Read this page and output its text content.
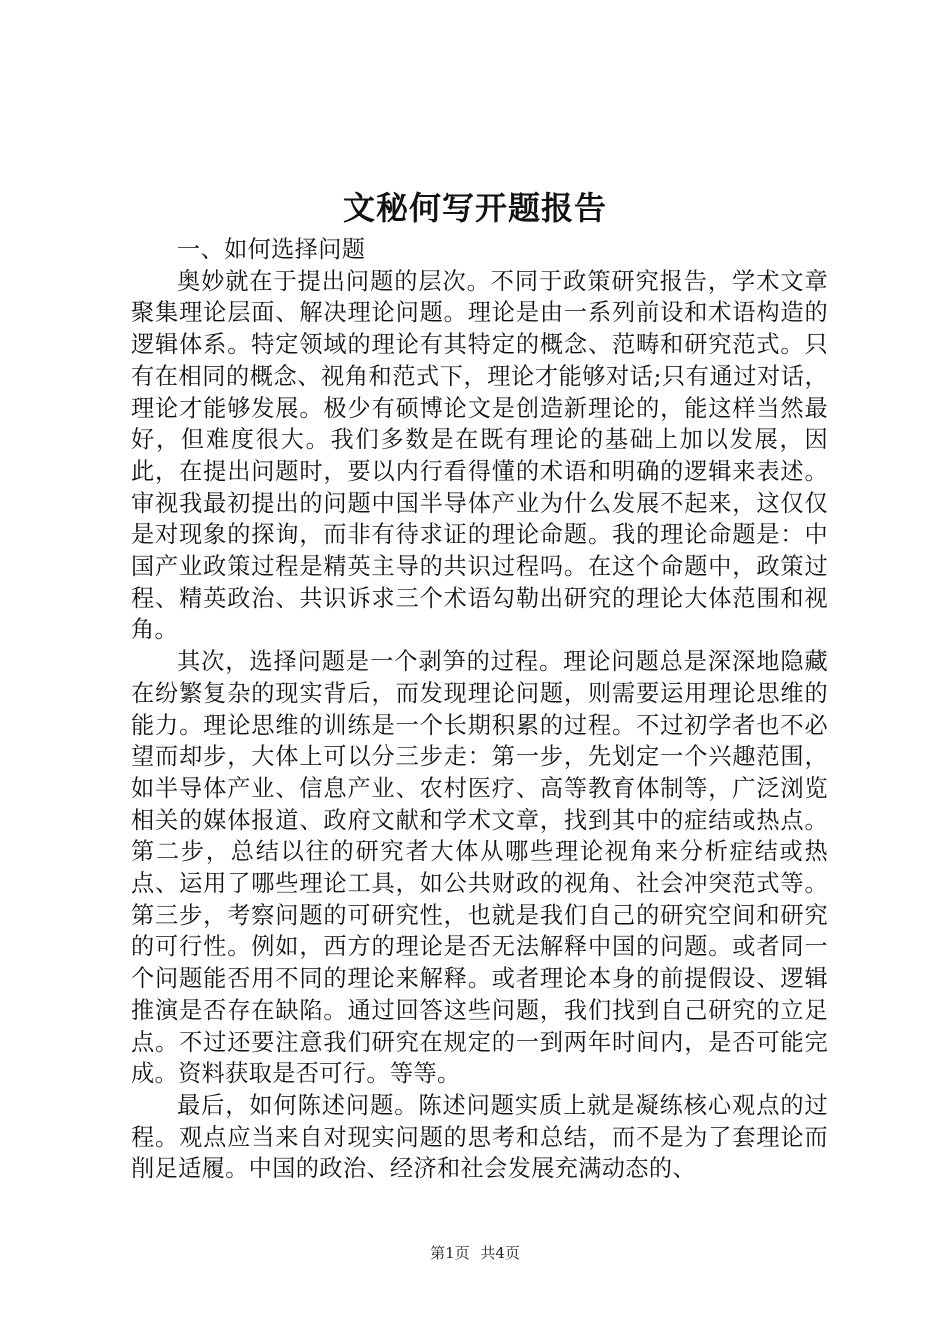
文秘何写开题报告

一、如何选择问题

奥妙就在于提出问题的层次。不同于政策研究报告，学术文章聚集理论层面、解决理论问题。理论是由一系列前设和术语构造的逻辑体系。特定领域的理论有其特定的概念、范畴和研究范式。只有在相同的概念、视角和范式下，理论才能够对话;只有通过对话，理论才能够发展。极少有硕博论文是创造新理论的，能这样当然最好，但难度很大。我们多数是在既有理论的基础上加以发展，因此，在提出问题时，要以内行看得懂的术语和明确的逻辑来表述。审视我最初提出的问题中国半导体产业为什么发展不起来，这仅仅是对现象的探询，而非有待求证的理论命题。我的理论命题是：中国产业政策过程是精英主导的共识过程吗。在这个命题中，政策过程、精英政治、共识诉求三个术语勾勒出研究的理论大体范围和视角。

其次，选择问题是一个剥笋的过程。理论问题总是深深地隐藏在纷繁复杂的现实背后，而发现理论问题，则需要运用理论思维的能力。理论思维的训练是一个长期积累的过程。不过初学者也不必望而却步，大体上可以分三步走：第一步，先划定一个兴趣范围，如半导体产业、信息产业、农村医疗、高等教育体制等，广泛浏览相关的媒体报道、政府文献和学术文章，找到其中的症结或热点。第二步，总结以往的研究者大体从哪些理论视角来分析症结或热点、运用了哪些理论工具，如公共财政的视角、社会冲突范式等。第三步，考察问题的可研究性，也就是我们自己的研究空间和研究的可行性。例如，西方的理论是否无法解释中国的问题。或者同一个问题能否用不同的理论来解释。或者理论本身的前提假设、逻辑推演是否存在缺陷。通过回答这些问题，我们找到自己研究的立足点。不过还要注意我们研究在规定的一到两年时间内，是否可能完成。资料获取是否可行。等等。

最后，如何陈述问题。陈述问题实质上就是凝练核心观点的过程。观点应当来自对现实问题的思考和总结，而不是为了套理论而削足适履。中国的政治、经济和社会发展充满动态的、

第1页 共4页
